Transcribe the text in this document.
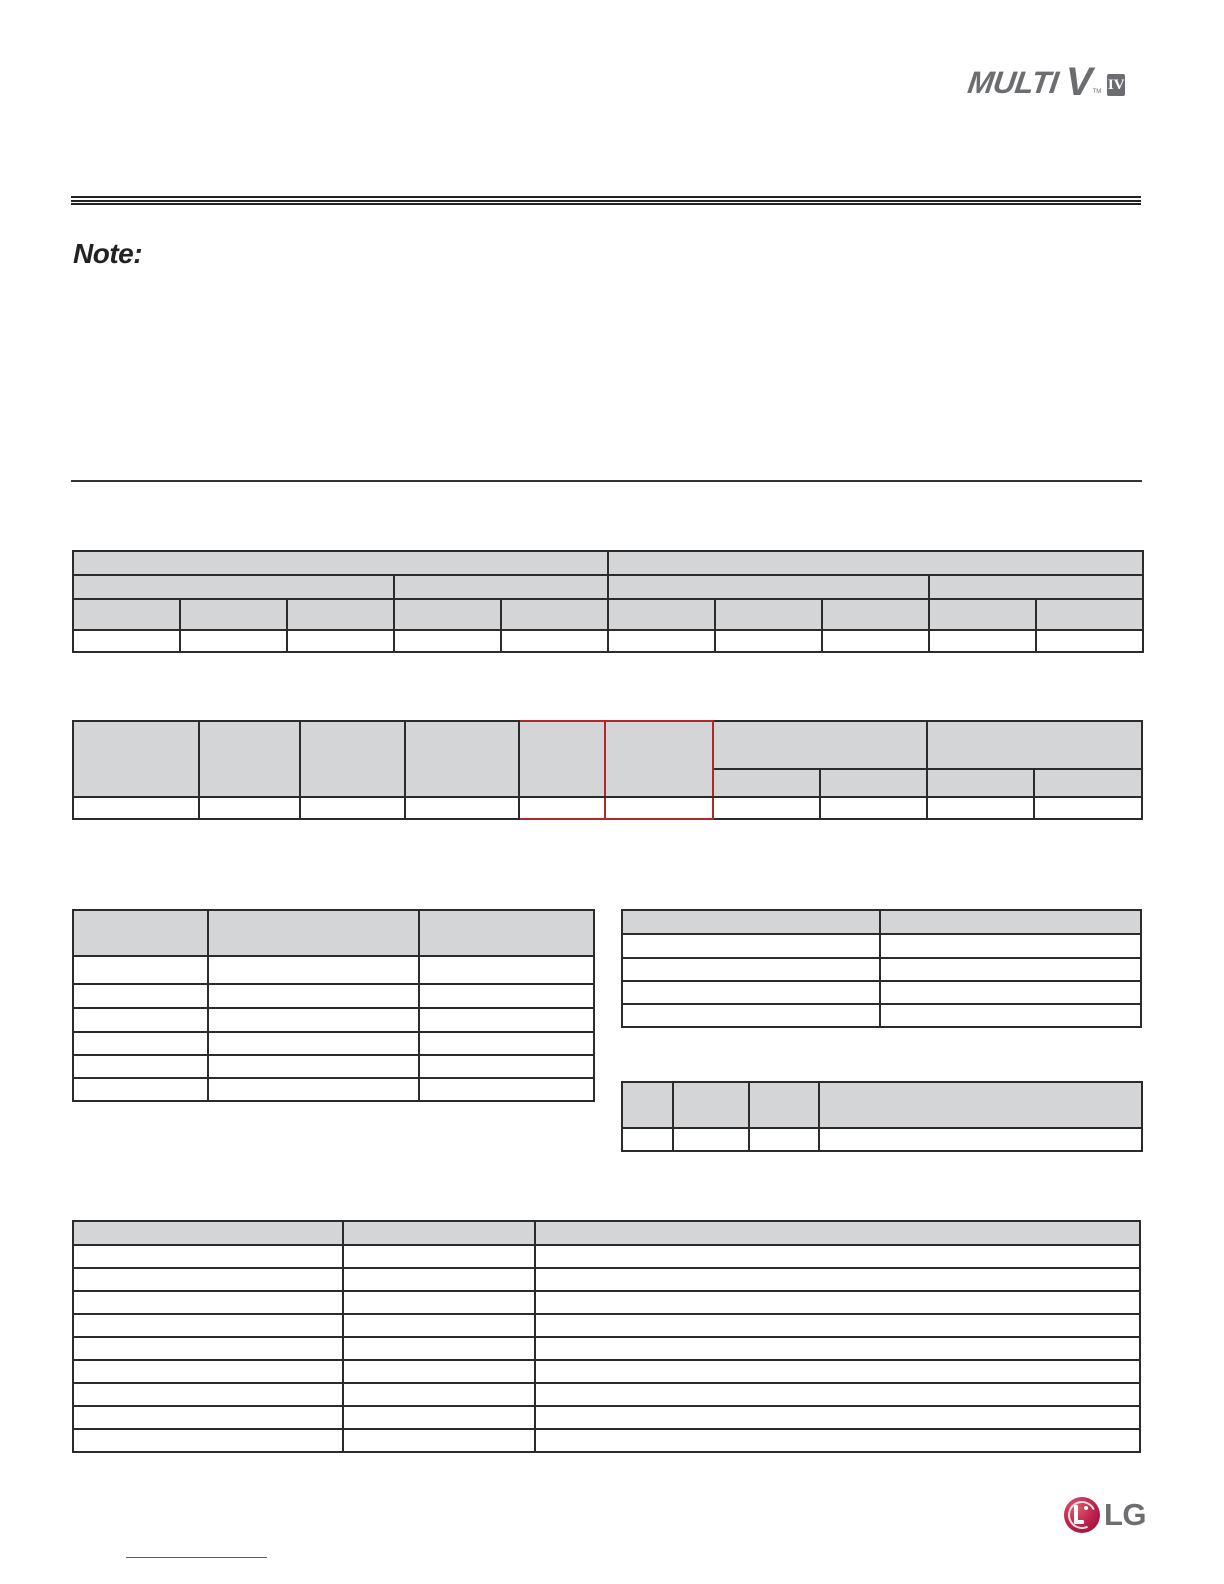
MULTI V TM IV
Note:

LG
